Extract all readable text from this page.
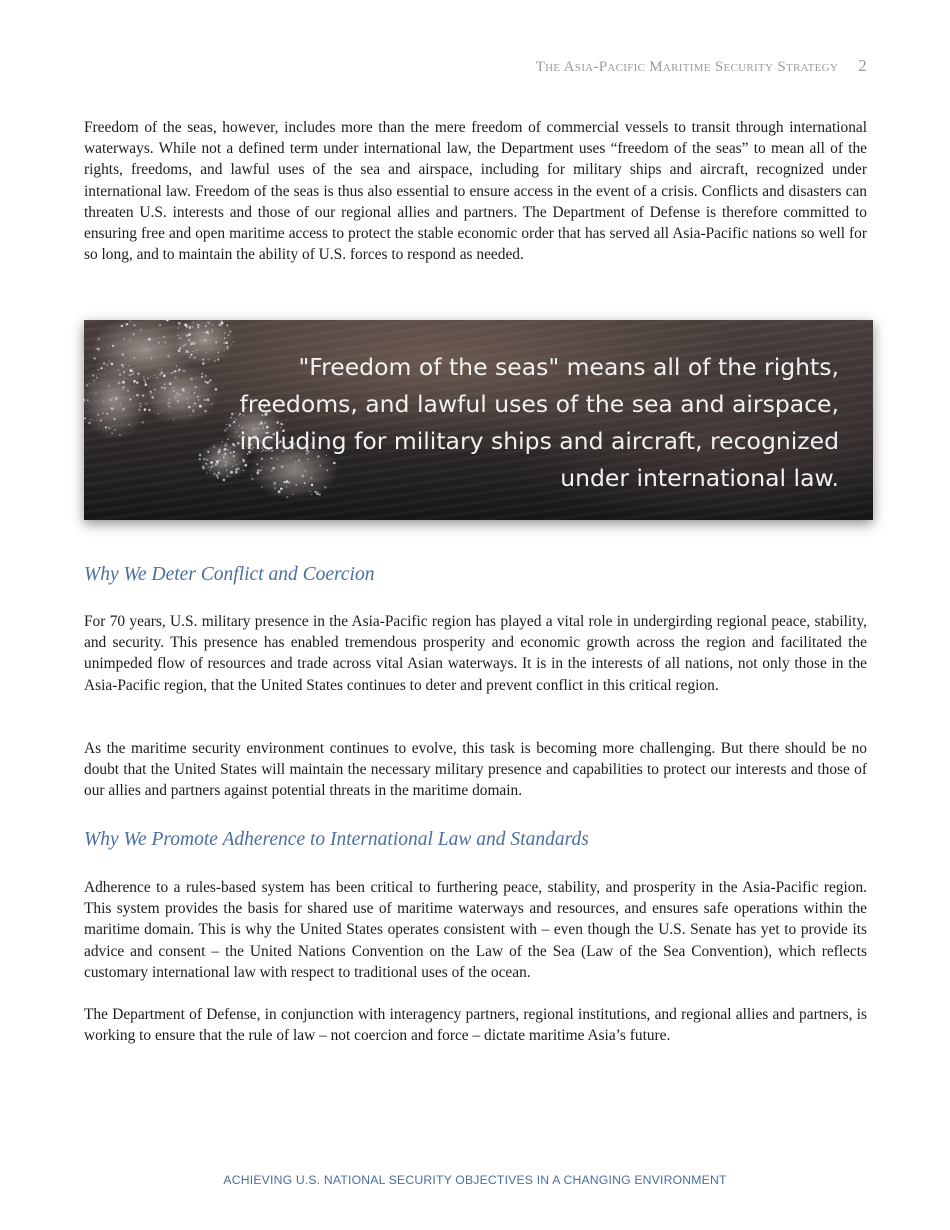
The Asia-Pacific Maritime Security Strategy 2

Freedom of the seas, however, includes more than the mere freedom of commercial vessels to transit through international waterways. While not a defined term under international law, the Department uses “freedom of the seas” to mean all of the rights, freedoms, and lawful uses of the sea and airspace, including for military ships and aircraft, recognized under international law. Freedom of the seas is thus also essential to ensure access in the event of a crisis. Conflicts and disasters can threaten U.S. interests and those of our regional allies and partners. The Department of Defense is therefore committed to ensuring free and open maritime access to protect the stable economic order that has served all Asia-Pacific nations so well for so long, and to maintain the ability of U.S. forces to respond as needed.

"Freedom of the seas" means all of the rights, freedoms, and lawful uses of the sea and airspace, including for military ships and aircraft, recognized under international law.

Why We Deter Conflict and Coercion

For 70 years, U.S. military presence in the Asia-Pacific region has played a vital role in undergirding regional peace, stability, and security. This presence has enabled tremendous prosperity and economic growth across the region and facilitated the unimpeded flow of resources and trade across vital Asian waterways. It is in the interests of all nations, not only those in the Asia-Pacific region, that the United States continues to deter and prevent conflict in this critical region.

As the maritime security environment continues to evolve, this task is becoming more challenging. But there should be no doubt that the United States will maintain the necessary military presence and capabilities to protect our interests and those of our allies and partners against potential threats in the maritime domain.

Why We Promote Adherence to International Law and Standards

Adherence to a rules-based system has been critical to furthering peace, stability, and prosperity in the Asia-Pacific region. This system provides the basis for shared use of maritime waterways and resources, and ensures safe operations within the maritime domain. This is why the United States operates consistent with – even though the U.S. Senate has yet to provide its advice and consent – the United Nations Convention on the Law of the Sea (Law of the Sea Convention), which reflects customary international law with respect to traditional uses of the ocean.

The Department of Defense, in conjunction with interagency partners, regional institutions, and regional allies and partners, is working to ensure that the rule of law – not coercion and force – dictate maritime Asia’s future.

ACHIEVING U.S. NATIONAL SECURITY OBJECTIVES IN A CHANGING ENVIRONMENT
